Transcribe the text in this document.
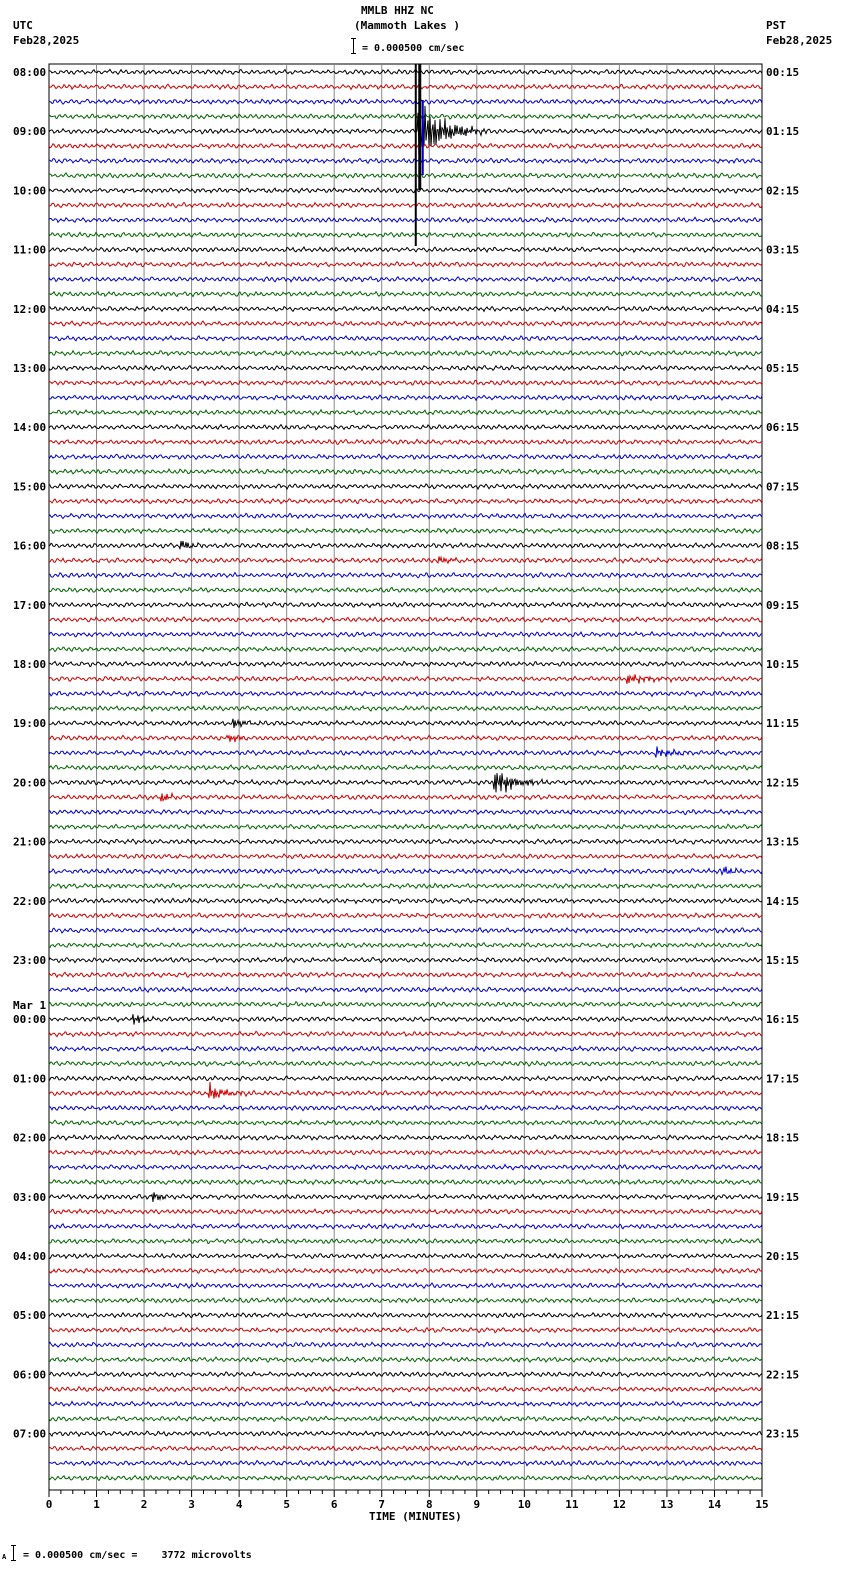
MMLB HHZ NC
(Mammoth Lakes )
= 0.000500 cm/sec
UTC
Feb28,2025
PST
Feb28,2025
0	1	2	3	4	5	6	7	8	9	10	11	12	13	14	15
08:00
09:00
10:00
11:00
12:00
13:00
14:00
15:00
16:00
17:00
18:00
19:00
20:00
21:00
22:00
23:00
00:00
Mar 1
01:00
02:00
03:00
04:00
05:00
06:00
07:00
00:15
01:15
02:15
03:15
04:15
05:15
06:15
07:15
08:15
09:15
10:15
11:15
12:15
13:15
14:15
15:15
16:15
17:15
18:15
19:15
20:15
21:15
22:15
23:15
TIME (MINUTES)
A = 0.000500 cm/sec =    3772 microvolts
